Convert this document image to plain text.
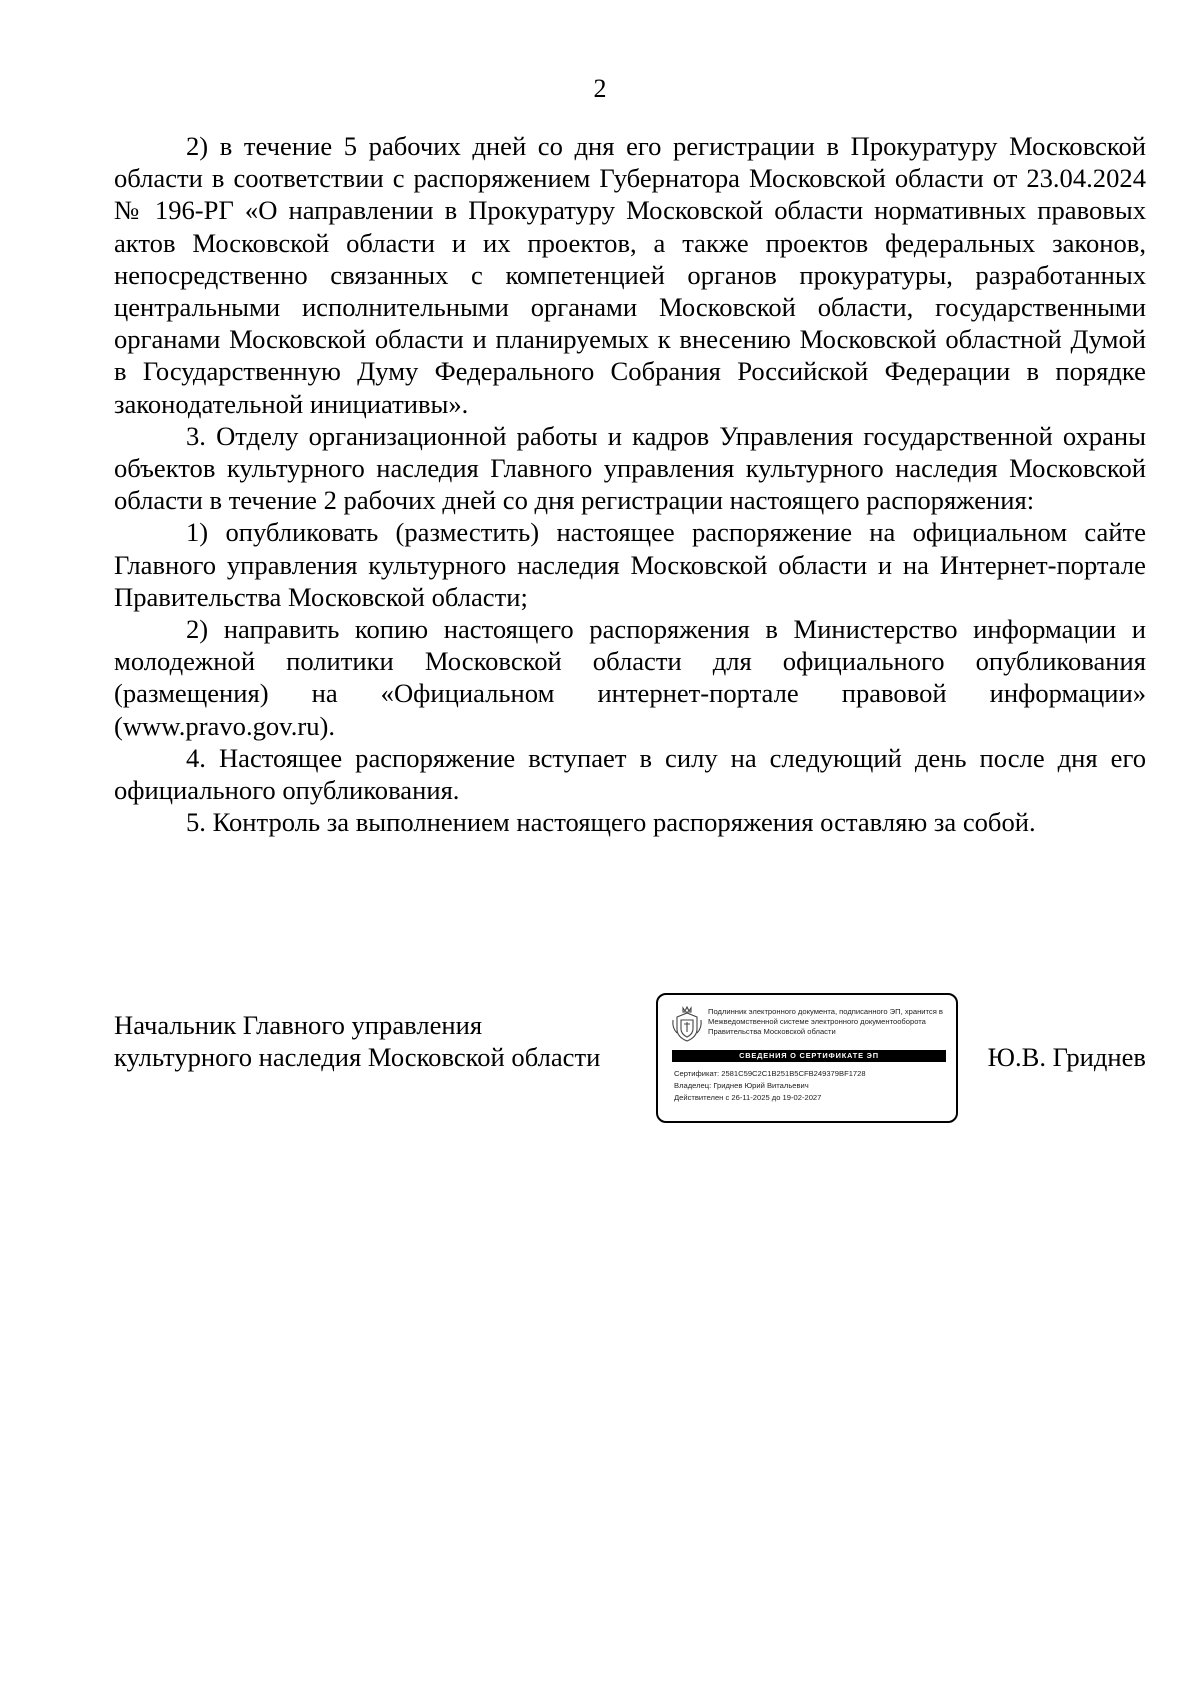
2

2) в течение 5 рабочих дней со дня его регистрации в Прокуратуру Московской области в соответствии с распоряжением Губернатора Московской области от 23.04.2024 № 196-РГ «О направлении в Прокуратуру Московской области нормативных правовых актов Московской области и их проектов, а также проектов федеральных законов, непосредственно связанных с компетенцией органов прокуратуры, разработанных центральными исполнительными органами Московской области, государственными органами Московской области и планируемых к внесению Московской областной Думой в Государственную Думу Федерального Собрания Российской Федерации в порядке законодательной инициативы».

3. Отделу организационной работы и кадров Управления государственной охраны объектов культурного наследия Главного управления культурного наследия Московской области в течение 2 рабочих дней со дня регистрации настоящего распоряжения:

1) опубликовать (разместить) настоящее распоряжение на официальном сайте Главного управления культурного наследия Московской области и на Интернет-портале Правительства Московской области;

2) направить копию настоящего распоряжения в Министерство информации и молодежной политики Московской области для официального опубликования (размещения) на «Официальном интернет-портале правовой информации» (www.pravo.gov.ru).

4. Настоящее распоряжение вступает в силу на следующий день после дня его официального опубликования.

5. Контроль за выполнением настоящего распоряжения оставляю за собой.

Начальник Главного управления
культурного наследия Московской области
Подлинник электронного документа, подписанного ЭП, хранится в Межведомственной системе электронного документооборота Правительства Московской области
СВЕДЕНИЯ О СЕРТИФИКАТЕ ЭП
Сертификат: 2581C59C2C1B251B5CFB249379BF1728
Владелец: Гриднев Юрий Витальевич
Действителен с 26-11-2025 до 19-02-2027
Ю.В. Гриднев
